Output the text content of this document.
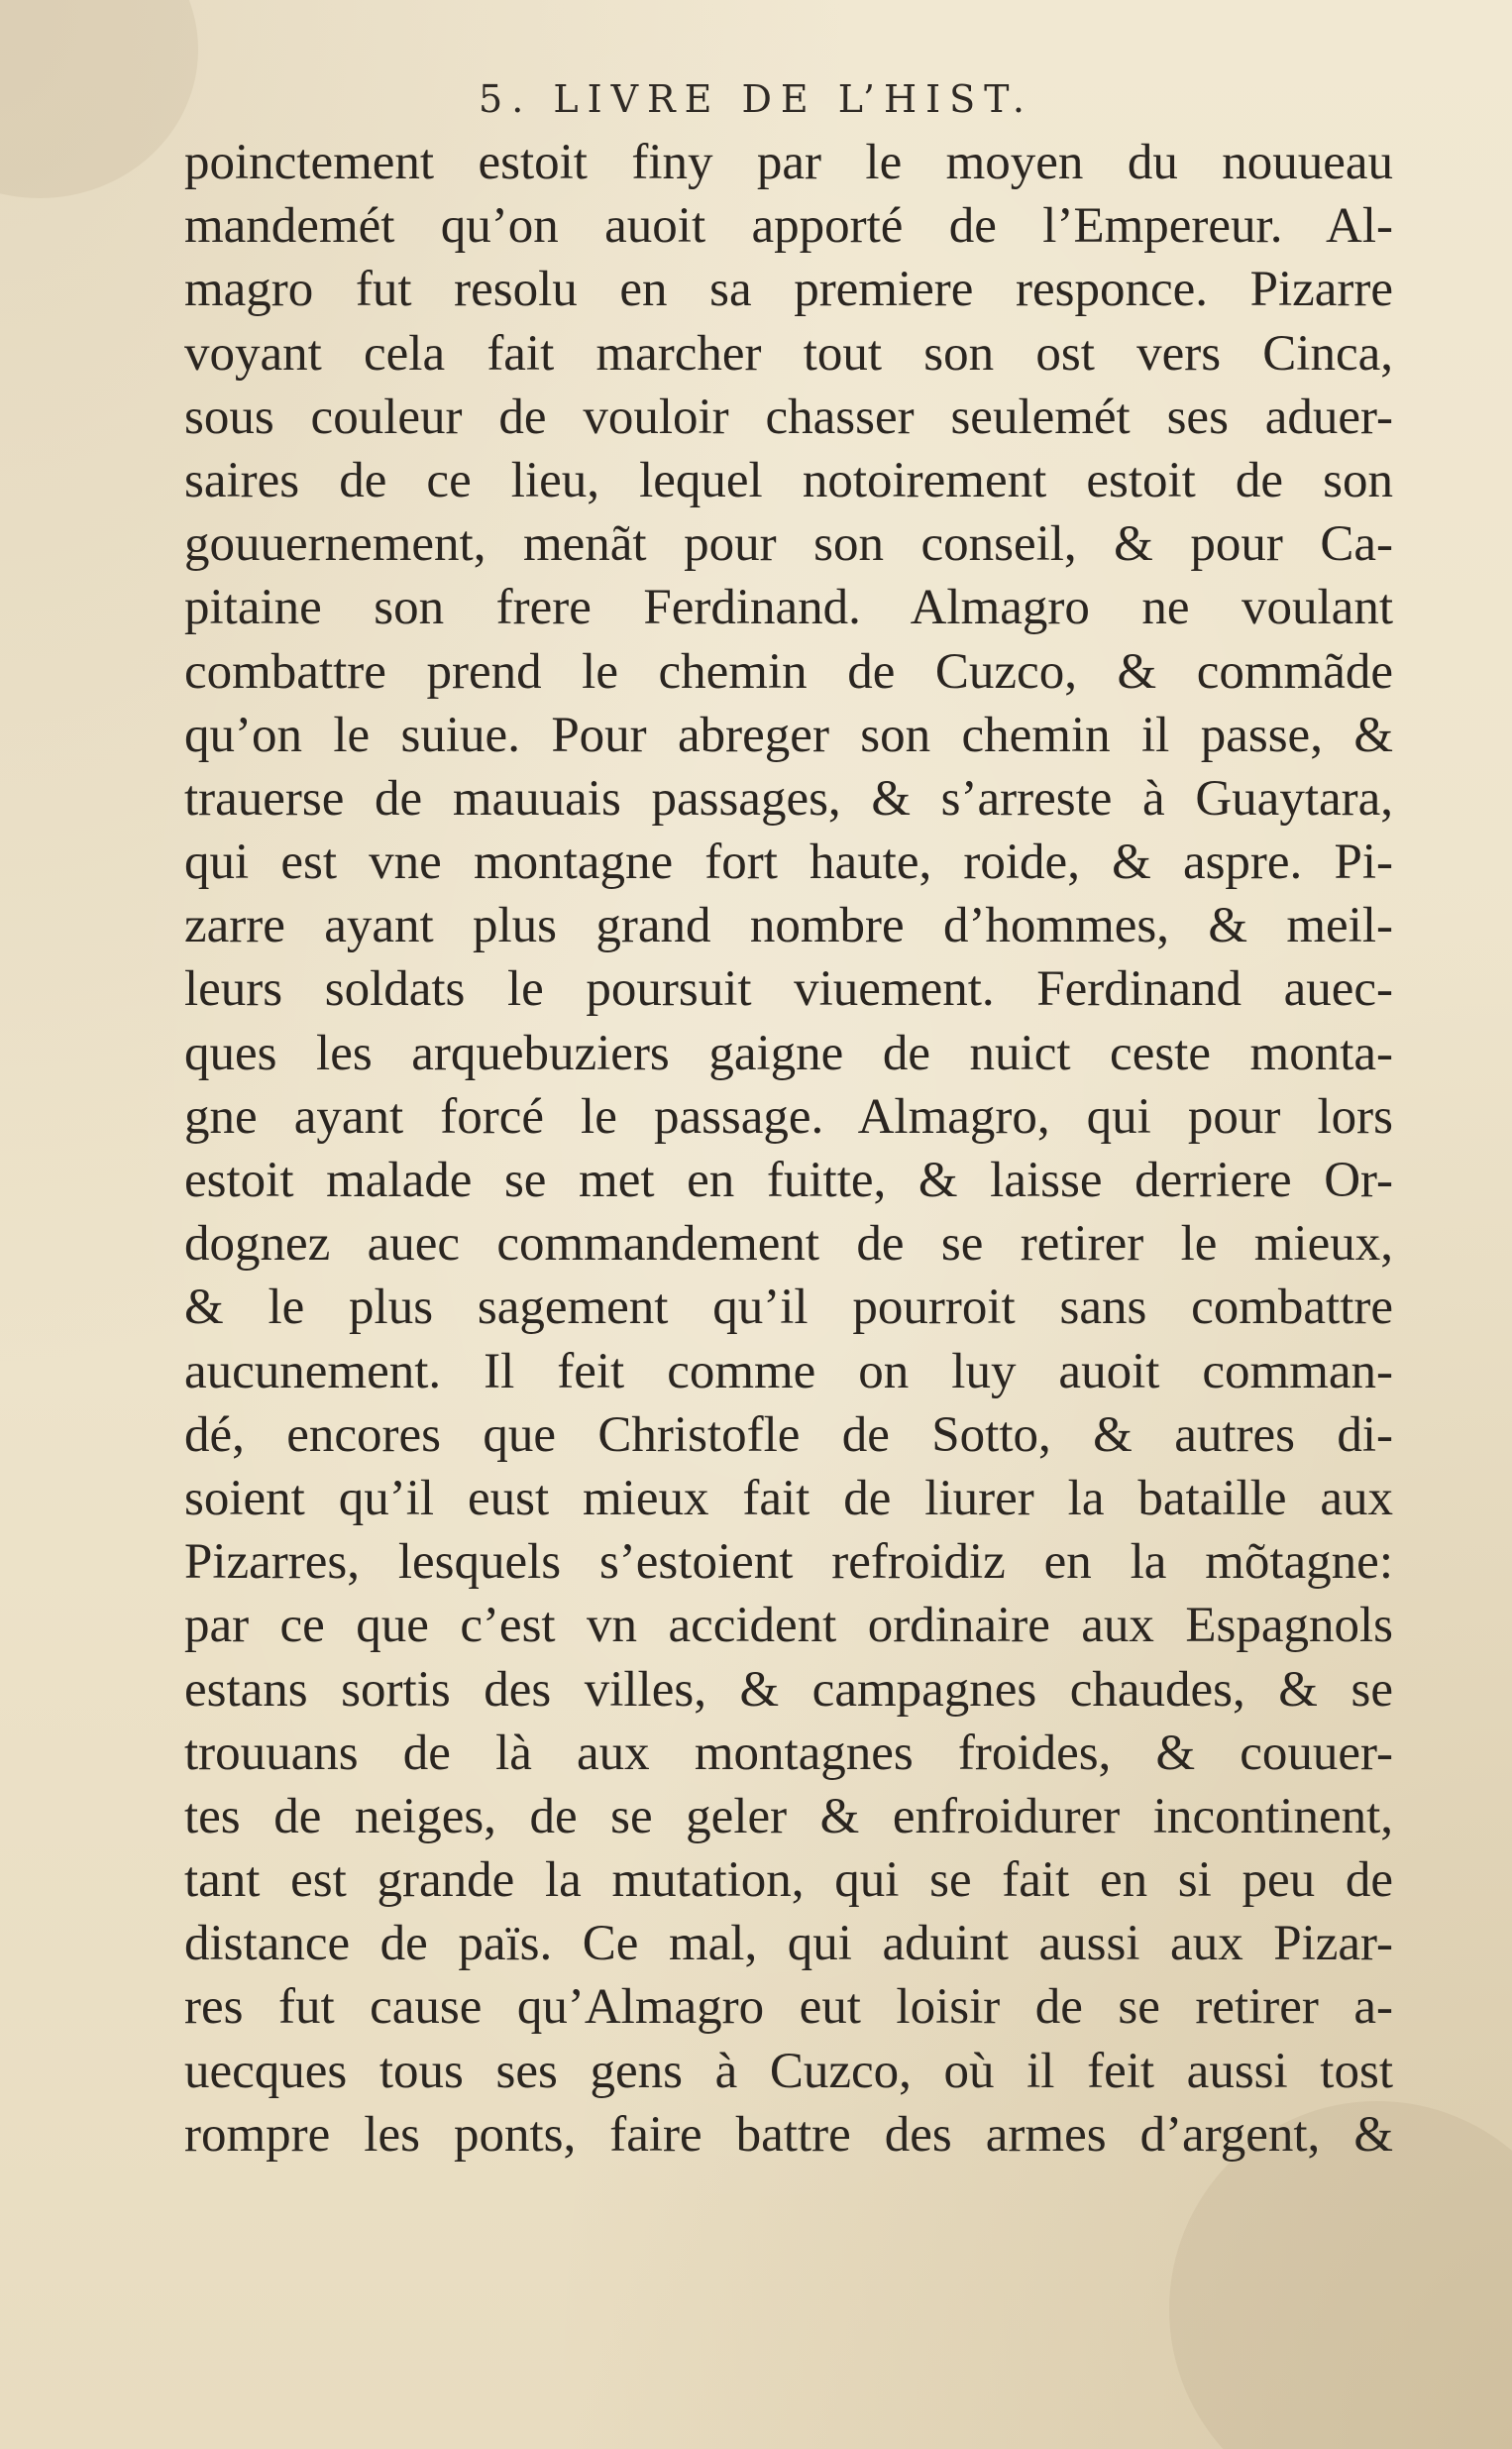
5. LIVRE DE L’HIST.
poinctement estoit finy par le moyen du nouueau
mandemét qu’on auoit apporté de l’Empereur. Al-
magro fut resolu en sa premiere responce. Pizarre
voyant cela fait marcher tout son ost vers Cinca,
sous couleur de vouloir chasser seulemét ses aduer-
saires de ce lieu, lequel notoirement estoit de son
gouuernement, menãt pour son conseil, & pour Ca-
pitaine son frere Ferdinand. Almagro ne voulant
combattre prend le chemin de Cuzco, & commãde
qu’on le suiue. Pour abreger son chemin il passe, &
trauerse de mauuais passages, & s’arreste à Guaytara,
qui est vne montagne fort haute, roide, & aspre. Pi-
zarre ayant plus grand nombre d’hommes, & meil-
leurs soldats le poursuit viuement. Ferdinand auec-
ques les arquebuziers gaigne de nuict ceste monta-
gne ayant forcé le passage. Almagro, qui pour lors
estoit malade se met en fuitte, & laisse derriere Or-
dognez auec commandement de se retirer le mieux,
& le plus sagement qu’il pourroit sans combattre
aucunement. Il feit comme on luy auoit comman-
dé, encores que Christofle de Sotto, & autres di-
soient qu’il eust mieux fait de liurer la bataille aux
Pizarres, lesquels s’estoient refroidiz en la mõtagne:
par ce que c’est vn accident ordinaire aux Espagnols
estans sortis des villes, & campagnes chaudes, & se
trouuans de là aux montagnes froides, & couuer-
tes de neiges, de se geler & enfroidurer incontinent,
tant est grande la mutation, qui se fait en si peu de
distance de païs. Ce mal, qui aduint aussi aux Pizar-
res fut cause qu’Almagro eut loisir de se retirer a-
uecques tous ses gens à Cuzco, où il feit aussi tost
rompre les ponts, faire battre des armes d’argent, &
